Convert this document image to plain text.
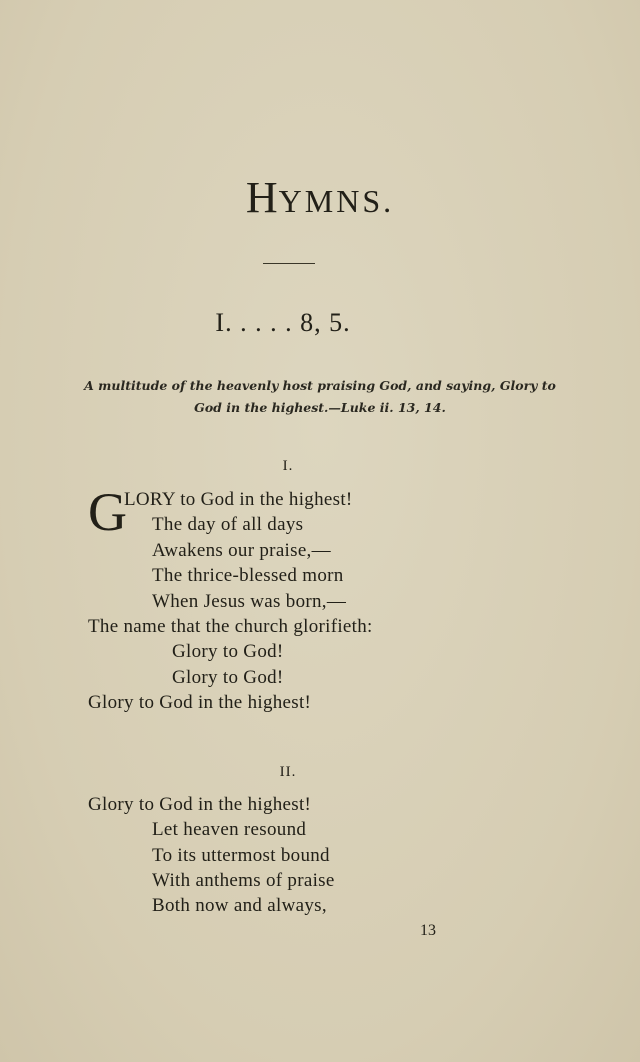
HYMNS.
I. . . . . 8, 5.
A multitude of the heavenly host praising God, and saying, Glory to
God in the highest.—Luke ii. 13, 14.
I.
G
LORY to God in the highest!
The day of all days
Awakens our praise,—
The thrice-blessed morn
When Jesus was born,—
The name that the church glorifieth:
Glory to God!
Glory to God!
Glory to God in the highest!
II.
Glory to God in the highest!
Let heaven resound
To its uttermost bound
With anthems of praise
Both now and always,
13
